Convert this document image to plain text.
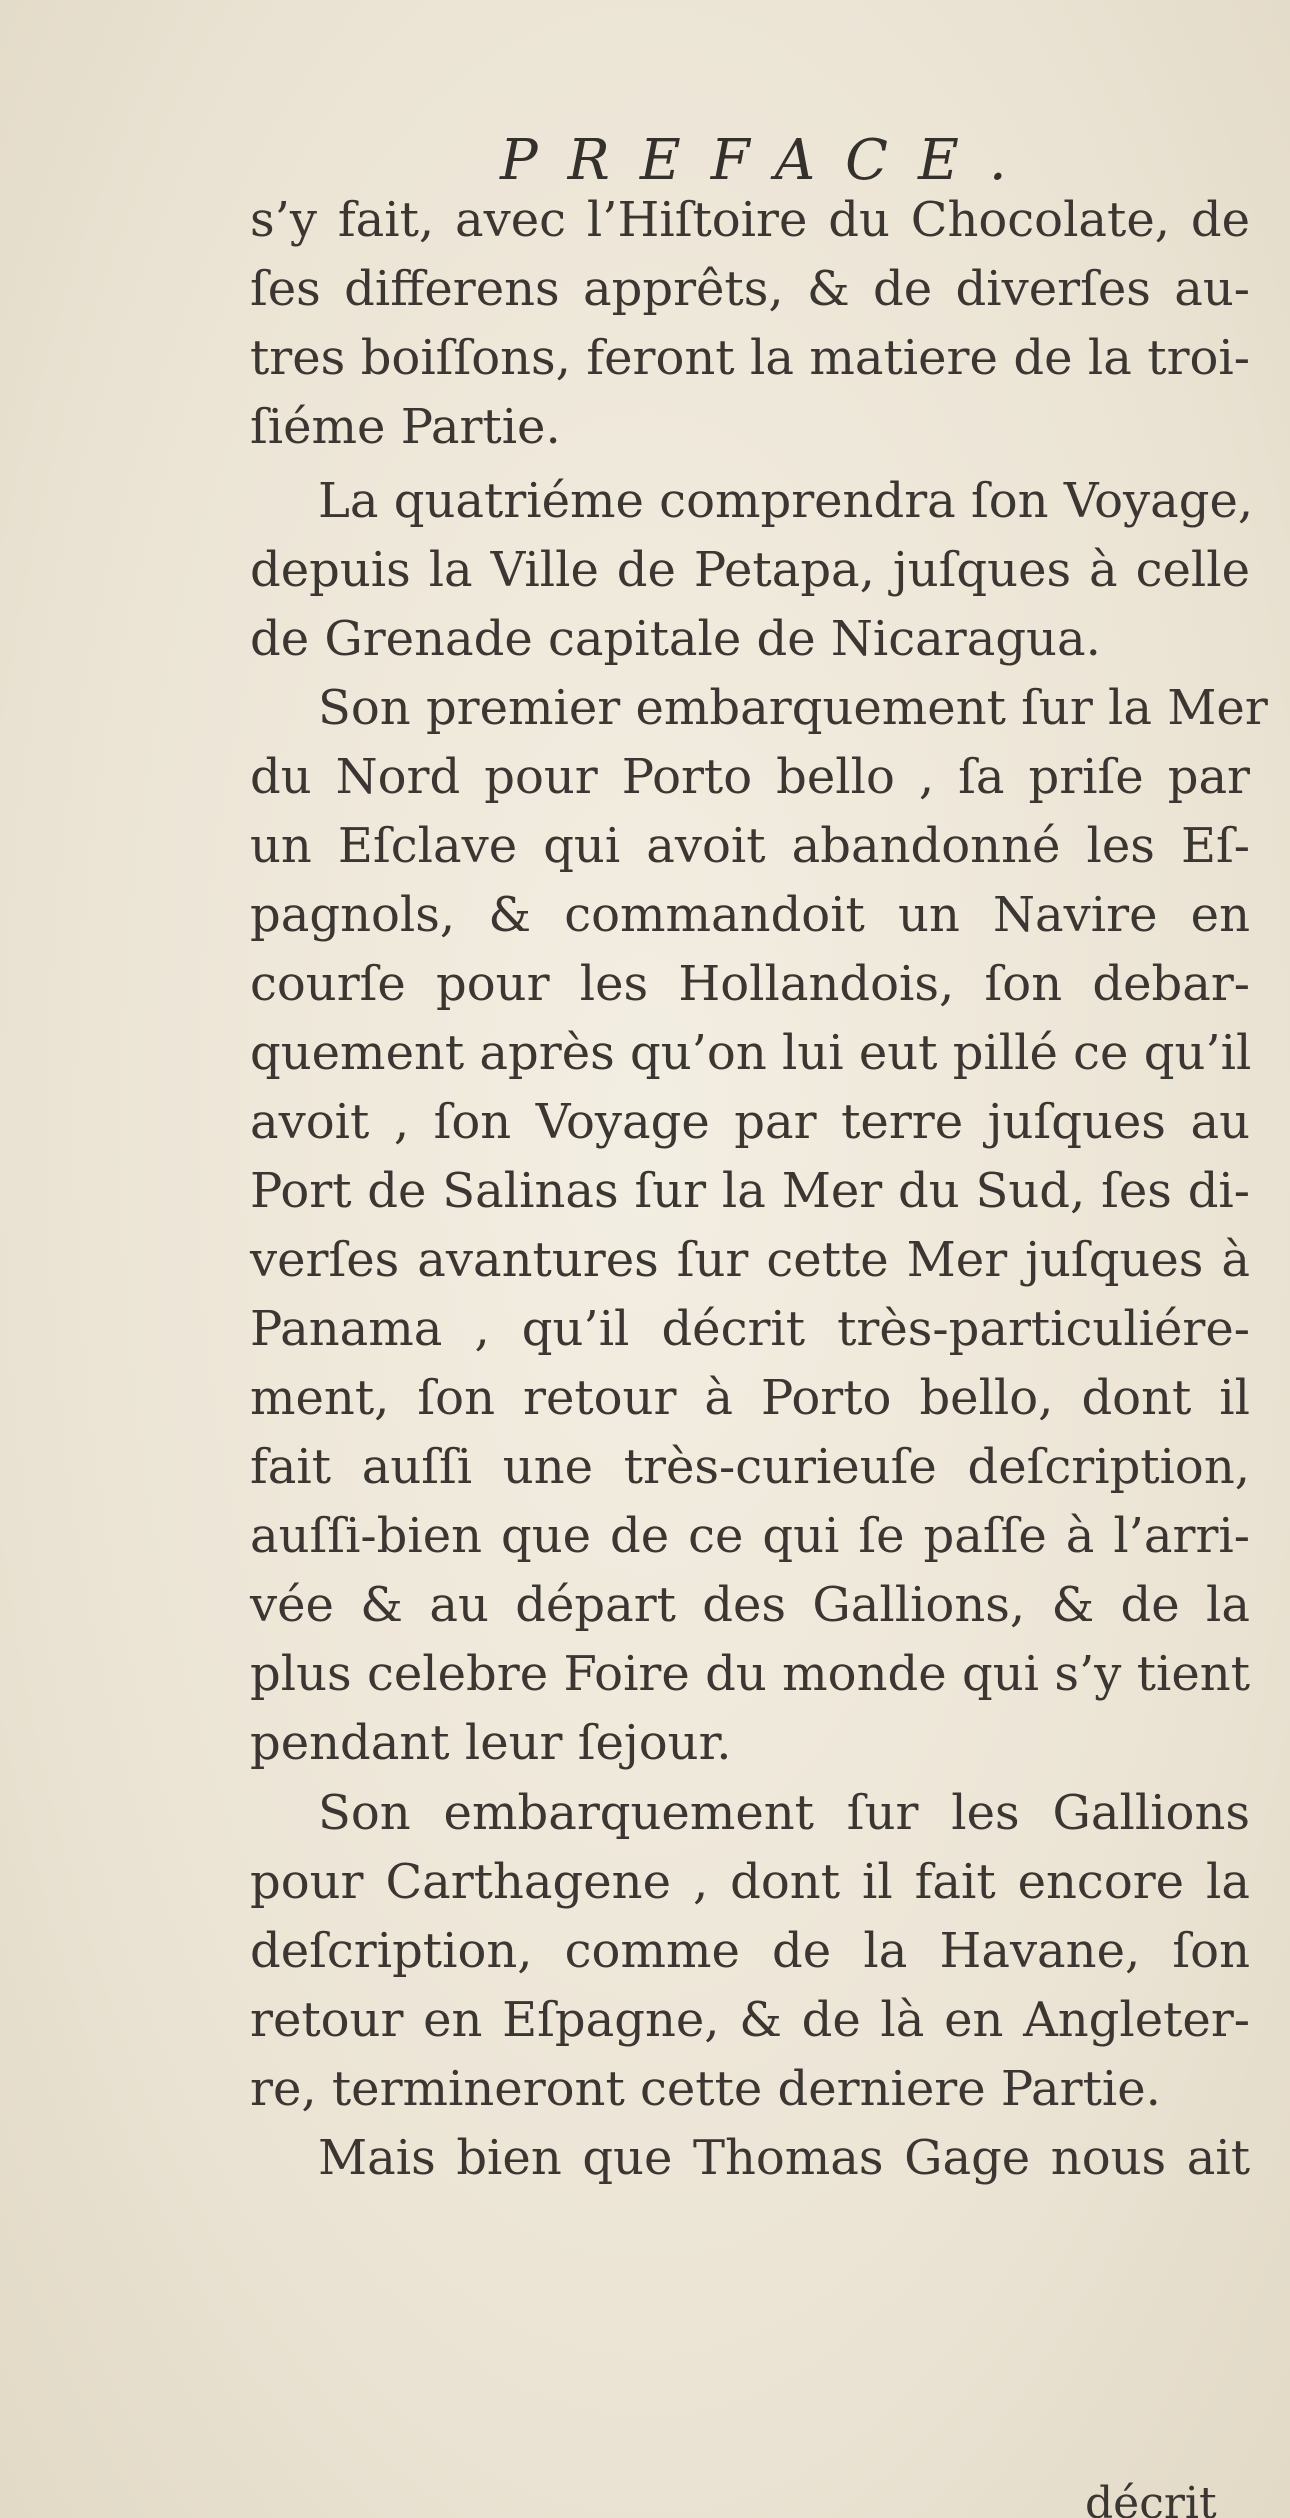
PREFACE.
s’y fait, avec l’Hiſtoire du Chocolate, de
ſes differens apprêts, & de diverſes au-
tres boiſſons, feront la matiere de la troi-
ſiéme Partie.
La quatriéme comprendra ſon Voyage,
depuis la Ville de Petapa, juſques à celle
de Grenade capitale de Nicaragua.
Son premier embarquement ſur la Mer
du Nord pour Porto bello , ſa priſe par
un Eſclave qui avoit abandonné les Eſ-
pagnols, & commandoit un Navire en
courſe pour les Hollandois, ſon debar-
quement après qu’on lui eut pillé ce qu’il
avoit , ſon Voyage par terre juſques au
Port de Salinas ſur la Mer du Sud, ſes di-
verſes avantures ſur cette Mer juſques à
Panama , qu’il décrit très-particuliére-
ment, ſon retour à Porto bello, dont il
fait auſſi une très-curieuſe deſcription,
auſſi-bien que de ce qui ſe paſſe à l’arri-
vée & au départ des Gallions, & de la
plus celebre Foire du monde qui s’y tient
pendant leur ſejour.
Son embarquement ſur les Gallions
pour Carthagene , dont il fait encore la
deſcription, comme de la Havane, ſon
retour en Eſpagne, & de là en Angleter-
re, termineront cette derniere Partie.
Mais bien que Thomas Gage nous ait
décrit
